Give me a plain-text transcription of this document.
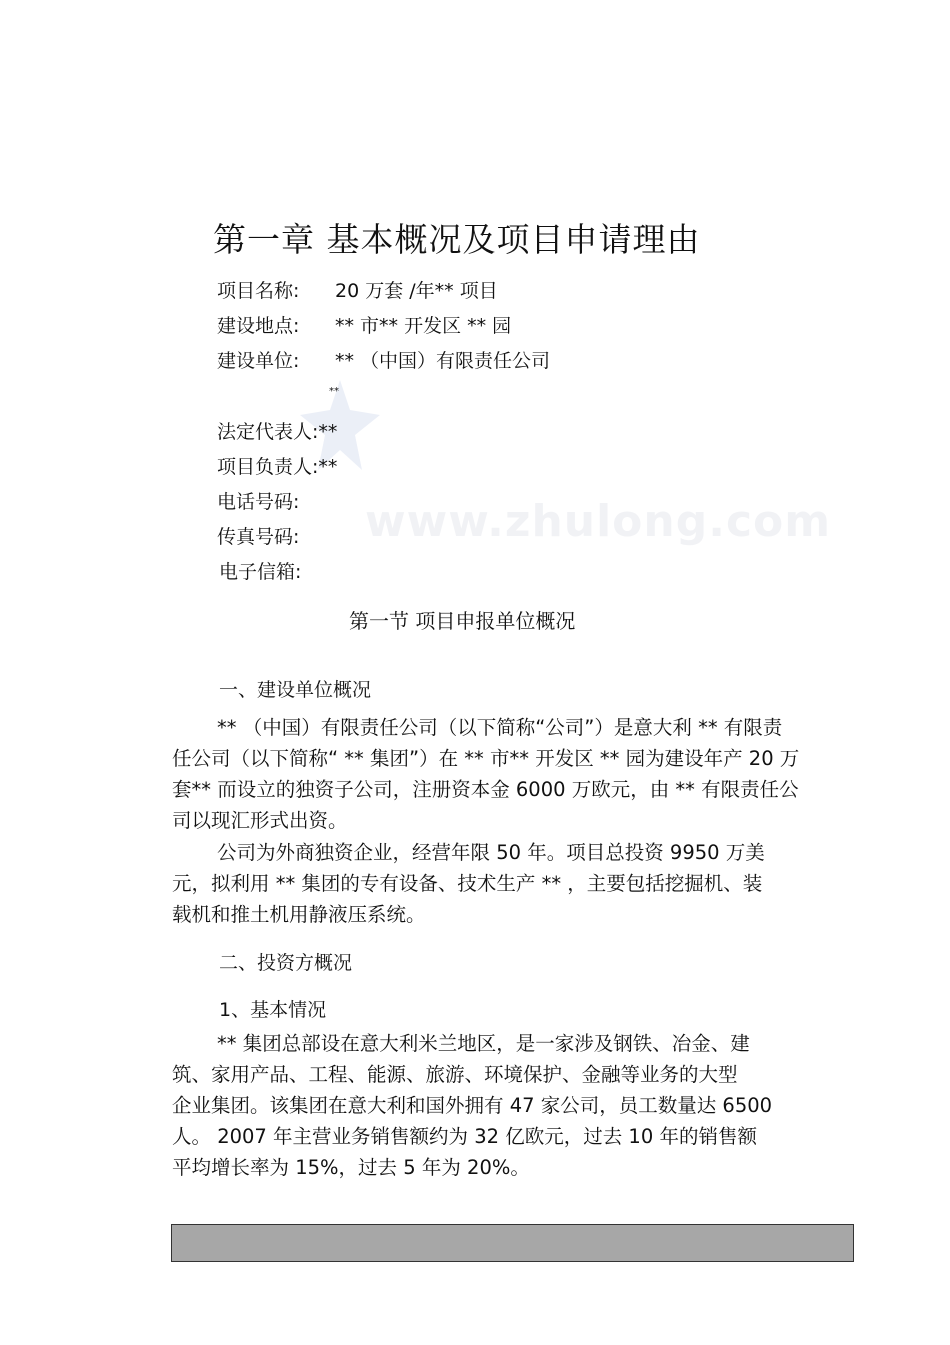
www.zhulong.com
第一章 基本概况及项目申请理由
项目名称: 20 万套 /年** 项目
建设地点: ** 市** 开发区 ** 园
建设单位: ** （中国）有限责任公司
**
法定代表人:**
项目负责人:**
电话号码:
传真号码:
电子信箱:
第一节 项目申报单位概况
一、建设单位概况
** （中国）有限责任公司（以下简称“公司”）是意大利 ** 有限责
任公司（以下简称“ ** 集团”）在 ** 市** 开发区 ** 园为建设年产 20 万
套** 而设立的独资子公司，注册资本金 6000 万欧元，由 ** 有限责任公
司以现汇形式出资。
公司为外商独资企业，经营年限 50 年。项目总投资 9950 万美
元，拟利用 ** 集团的专有设备、技术生产 ** ，主要包括挖掘机、装
载机和推土机用静液压系统。
二、投资方概况
1、基本情况
** 集团总部设在意大利米兰地区，是一家涉及钢铁、冶金、建
筑、家用产品、工程、能源、旅游、环境保护、金融等业务的大型
企业集团。该集团在意大利和国外拥有 47 家公司，员工数量达 6500
人。 2007 年主营业务销售额约为 32 亿欧元，过去 10 年的销售额
平均增长率为 15%，过去 5 年为 20%。
